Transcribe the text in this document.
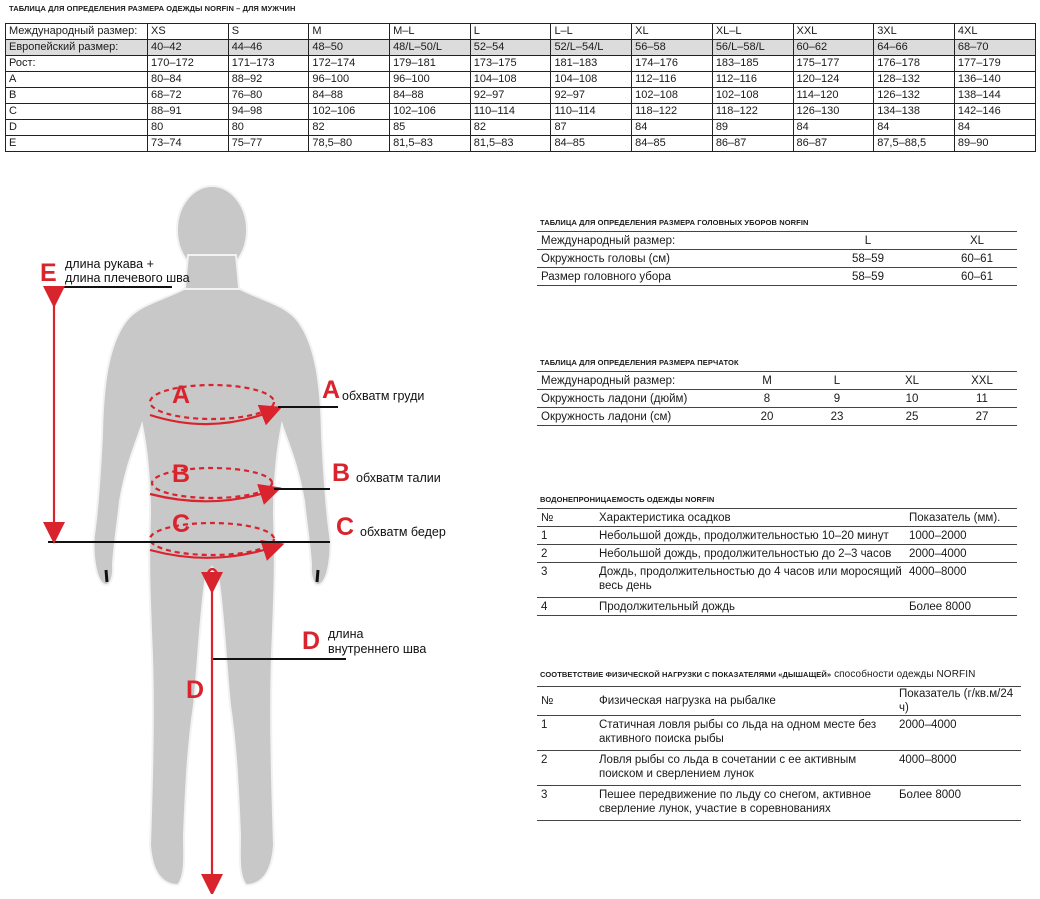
ТАБЛИЦА ДЛЯ ОПРЕДЕЛЕНИЯ РАЗМЕРА ОДЕЖДЫ NORFIN – ДЛЯ МУЖЧИН
Международный размер:	XS	S	M	M–L	L	L–L	XL	XL–L	XXL	3XL	4XL
Европейский размер:	40–42	44–46	48–50	48/L–50/L	52–54	52/L–54/L	56–58	56/L–58/L	60–62	64–66	68–70
Рост:	170–172	171–173	172–174	179–181	173–175	181–183	174–176	183–185	175–177	176–178	177–179
A	80–84	88–92	96–100	96–100	104–108	104–108	112–116	112–116	120–124	128–132	136–140
B	68–72	76–80	84–88	84–88	92–97	92–97	102–108	102–108	114–120	126–132	138–144
C	88–91	94–98	102–106	102–106	110–114	110–114	118–122	118–122	126–130	134–138	142–146
D	80	80	82	85	82	87	84	89	84	84	84
E	73–74	75–77	78,5–80	81,5–83	81,5–83	84–85	84–85	86–87	86–87	87,5–88,5	89–90
E длина рукава +
длина плечевого шва
A обхватм груди
B обхватм талии
C обхватм бедер
D длина
внутреннего шва
A
B
C
D
ТАБЛИЦА ДЛЯ ОПРЕДЕЛЕНИЯ РАЗМЕРА ГОЛОВНЫХ УБОРОВ NORFIN
Международный размер:	L	XL
Окружность головы (см)	58–59	60–61
Размер головного убора	58–59	60–61
ТАБЛИЦА ДЛЯ ОПРЕДЕЛЕНИЯ РАЗМЕРА ПЕРЧАТОК
Международный размер:	M	L	XL	XXL
Окружность ладони (дюйм)	8	9	10	11
Окружность ладони (см)	20	23	25	27
ВОДОНЕПРОНИЦАЕМОСТЬ ОДЕЖДЫ NORFIN
№	Характеристика осадков	Показатель (мм).
1	Небольшой дождь, продолжительностью 10–20 минут	1000–2000
2	Небольшой дождь, продолжительностью до 2–3 часов	2000–4000
3	Дождь, продолжительностью до 4 часов или моросящий весь день	4000–8000
4	Продолжительный дождь	Более 8000
СООТВЕТСТВИЕ ФИЗИЧЕСКОЙ НАГРУЗКИ С ПОКАЗАТЕЛЯМИ «ДЫШАЩЕЙ» способности одежды NORFIN
№	Физическая нагрузка на рыбалке	Показатель (г/кв.м/24 ч)
1	Статичная ловля рыбы со льда на одном месте без активного поиска рыбы	2000–4000
2	Ловля рыбы со льда в сочетании с ее активным поиском и сверлением лунок	4000–8000
3	Пешее передвижение по льду со снегом, активное сверление лунок, участие в соревнованиях	Более 8000
